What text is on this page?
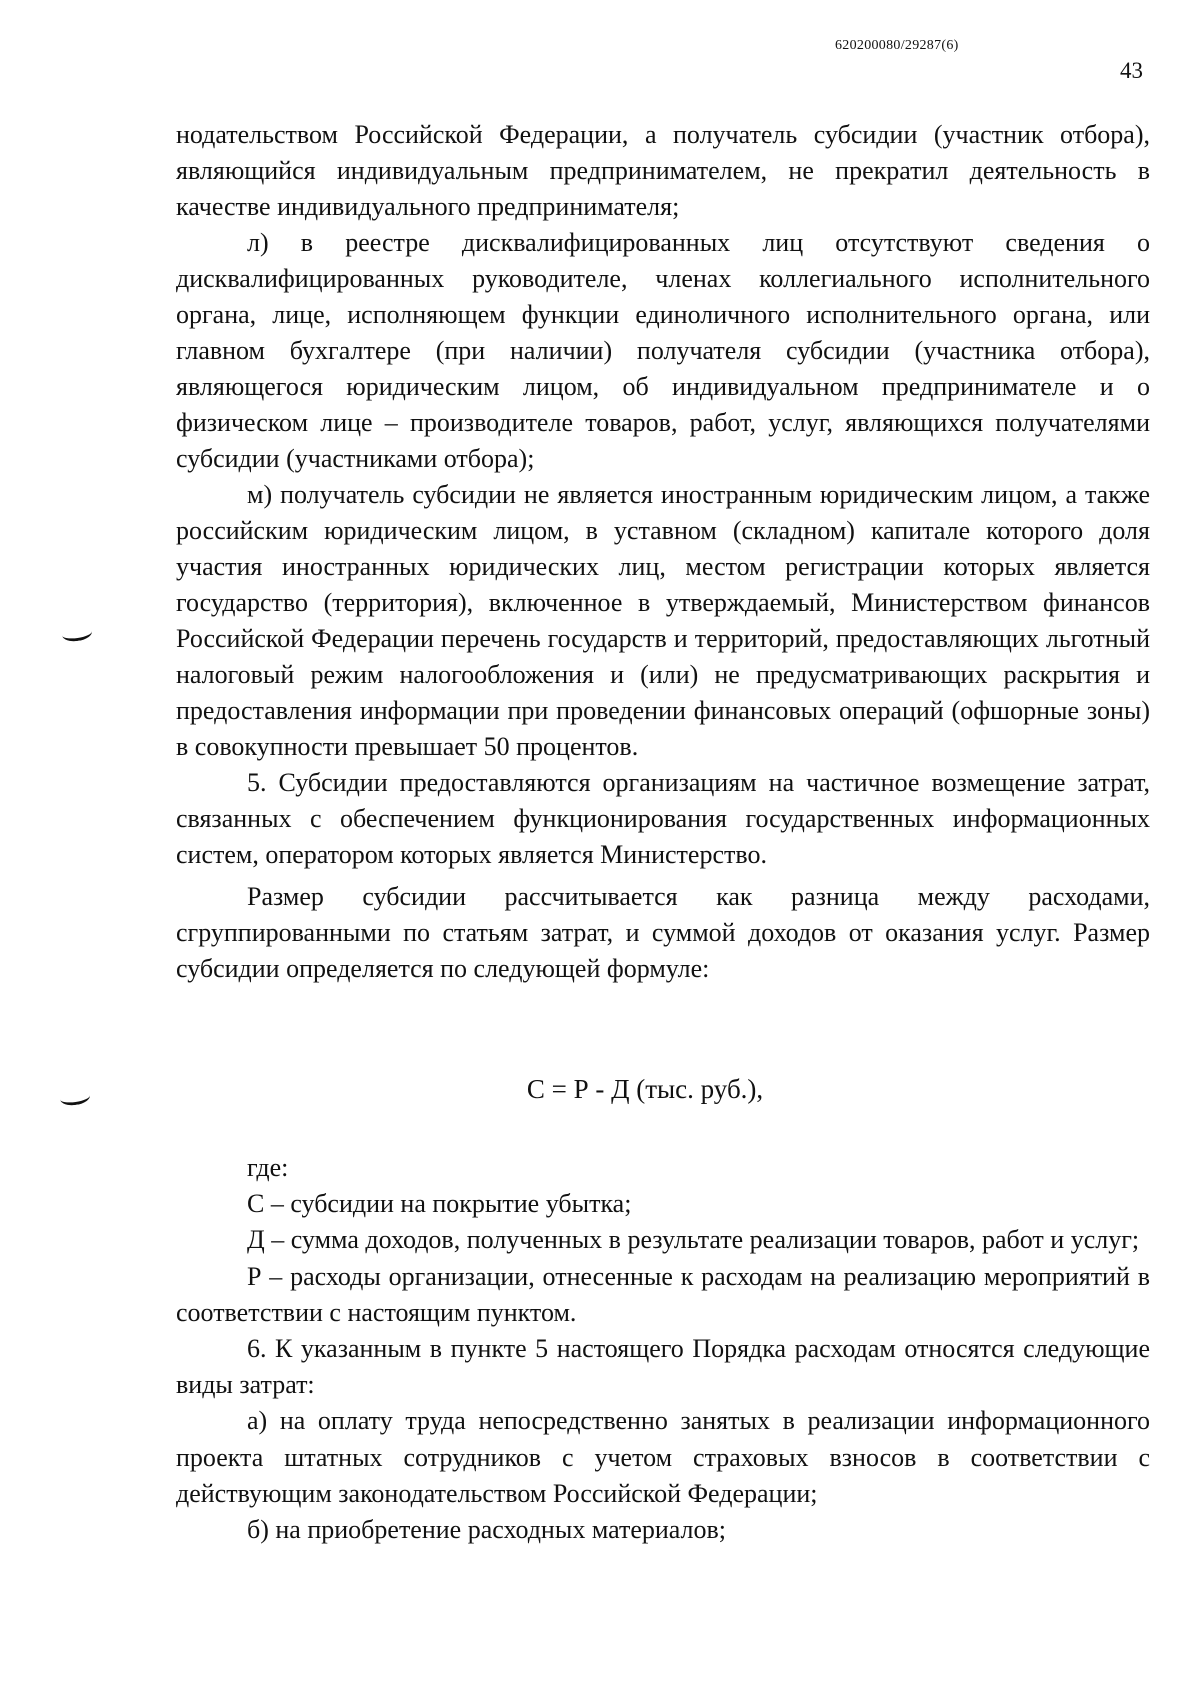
620200080/29287(6)
43

нодательством Российской Федерации, а получатель субсидии (участник отбора), являющийся индивидуальным предпринимателем, не прекратил деятельность в качестве индивидуального предпринимателя;

л) в реестре дисквалифицированных лиц отсутствуют сведения о дисквалифицированных руководителе, членах коллегиального исполнительного органа, лице, исполняющем функции единоличного исполнительного органа, или главном бухгалтере (при наличии) получателя субсидии (участника отбора), являющегося юридическим лицом, об индивидуальном предпринимателе и о физическом лице – производителе товаров, работ, услуг, являющихся получателями субсидии (участниками отбора);

м) получатель субсидии не является иностранным юридическим лицом, а также российским юридическим лицом, в уставном (складном) капитале которого доля участия иностранных юридических лиц, местом регистрации которых является государство (территория), включенное в утверждаемый, Министерством финансов Российской Федерации перечень государств и территорий, предоставляющих льготный налоговый режим налогообложения и (или) не предусматривающих раскрытия и предоставления информации при проведении финансовых операций (офшорные зоны) в совокупности превышает 50 процентов.

5. Субсидии предоставляются организациям на частичное возмещение затрат, связанных с обеспечением функционирования государственных информационных систем, оператором которых является Министерство.

Размер субсидии рассчитывается как разница между расходами, сгруппированными по статьям затрат, и суммой доходов от оказания услуг. Размер субсидии определяется по следующей формуле:

С = Р - Д (тыс. руб.),

где:

С – субсидии на покрытие убытка;

Д – сумма доходов, полученных в результате реализации товаров, работ и услуг;

Р – расходы организации, отнесенные к расходам на реализацию мероприятий в соответствии с настоящим пунктом.

6. К указанным в пункте 5 настоящего Порядка расходам относятся следующие виды затрат:

а) на оплату труда непосредственно занятых в реализации информационного проекта штатных сотрудников с учетом страховых взносов в соответствии с действующим законодательством Российской Федерации;

б) на приобретение расходных материалов;
